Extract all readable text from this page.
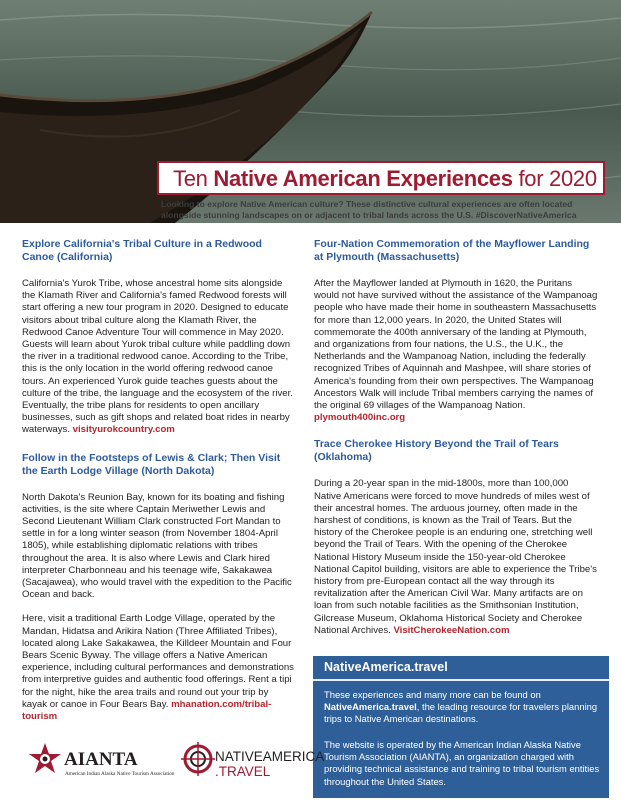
Ten Native American Experiences for 2020
Looking to explore Native American culture? These distinctive cultural experiences are often located alongside stunning landscapes on or adjacent to tribal lands across the U.S. #DiscoverNativeAmerica

Explore California's Tribal Culture in a Redwood Canoe (California)

California's Yurok Tribe, whose ancestral home sits alongside the Klamath River and California's famed Redwood forests will start offering a new tour program in 2020. Designed to educate visitors about tribal culture along the Klamath River, the Redwood Canoe Adventure Tour will commence in May 2020. Guests will learn about Yurok tribal culture while paddling down the river in a traditional redwood canoe. According to the Tribe, this is the only location in the world offering redwood canoe tours. An experienced Yurok guide teaches guests about the culture of the tribe, the language and the ecosystem of the river. Eventually, the tribe plans for residents to open ancillary businesses, such as gift shops and related boat rides in nearby waterways. visityurokcountry.com

Follow in the Footsteps of Lewis & Clark; Then Visit the Earth Lodge Village (North Dakota)

North Dakota's Reunion Bay, known for its boating and fishing activities, is the site where Captain Meriwether Lewis and Second Lieutenant William Clark constructed Fort Mandan to settle in for a long winter season (from November 1804-April 1805), while establishing diplomatic relations with tribes throughout the area. It is also where Lewis and Clark hired interpreter Charbonneau and his teenage wife, Sakakawea (Sacajawea), who would travel with the expedition to the Pacific Ocean and back.

Here, visit a traditional Earth Lodge Village, operated by the Mandan, Hidatsa and Arikira Nation (Three Affiliated Tribes), located along Lake Sakakawea, the Killdeer Mountain and Four Bears Scenic Byway. The village offers a Native American experience, including cultural performances and demonstrations from interpretive guides and authentic food offerings. Rent a tipi for the night, hike the area trails and round out your trip by kayak or canoe in Four Bears Bay. mhanation.com/tribal-tourism

Four-Nation Commemoration of the Mayflower Landing at Plymouth (Massachusetts)

After the Mayflower landed at Plymouth in 1620, the Puritans would not have survived without the assistance of the Wampanoag people who have made their home in southeastern Massachusetts for more than 12,000 years. In 2020, the United States will commemorate the 400th anniversary of the landing at Plymouth, and organizations from four nations, the U.S., the U.K., the Netherlands and the Wampanoag Nation, including the federally recognized Tribes of Aquinnah and Mashpee, will share stories of America's founding from their own perspectives. The Wampanoag Ancestors Walk will include Tribal members carrying the names of the original 69 villages of the Wampanoag Nation. plymouth400inc.org

Trace Cherokee History Beyond the Trail of Tears (Oklahoma)

During a 20-year span in the mid-1800s, more than 100,000 Native Americans were forced to move hundreds of miles west of their ancestral homes. The arduous journey, often made in the harshest of conditions, is known as the Trail of Tears. But the history of the Cherokee people is an enduring one, stretching well beyond the Trail of Tears. With the opening of the Cherokee National History Museum inside the 150-year-old Cherokee National Capitol building, visitors are able to experience the Tribe's history from pre-European contact all the way through its revitalization after the American Civil War. Many artifacts are on loan from such notable facilities as the Smithsonian Institution, Gilcrease Museum, Oklahoma Historical Society and Cherokee National Archives. VisitCherokeeNation.com

NativeAmerica.travel
These experiences and many more can be found on NativeAmerica.travel, the leading resource for travelers planning trips to Native American destinations.
The website is operated by the American Indian Alaska Native Tourism Association (AIANTA), an organization charged with providing technical assistance and training to tribal tourism entities throughout the United States.
AIANTA
American Indian Alaska Native Tourism Association
NATIVEAMERICA
.TRAVEL
